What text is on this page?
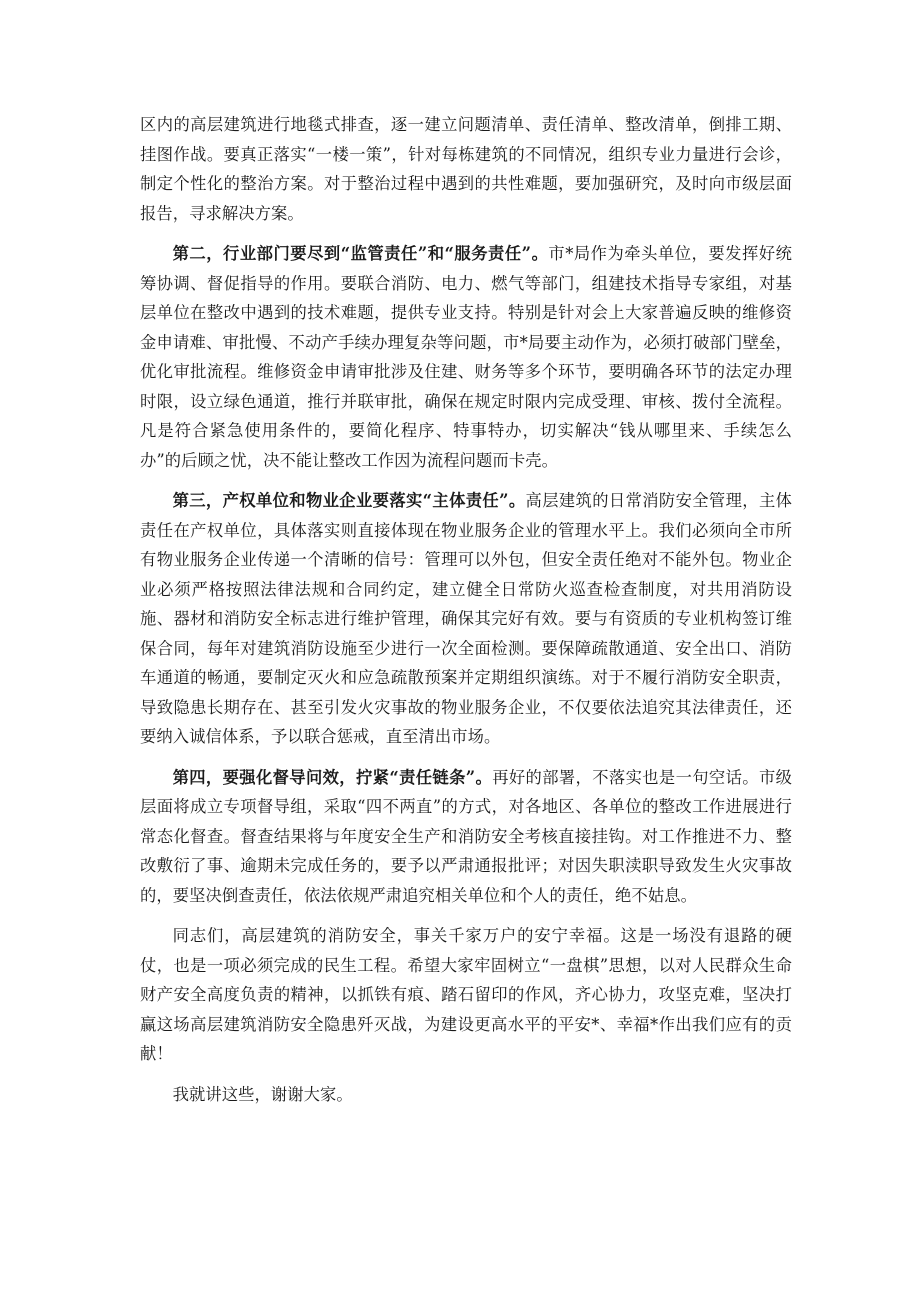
区内的高层建筑进行地毯式排查，逐一建立问题清单、责任清单、整改清单，倒排工期、挂图作战。要真正落实“一楼一策”，针对每栋建筑的不同情况，组织专业力量进行会诊，制定个性化的整治方案。对于整治过程中遇到的共性难题，要加强研究，及时向市级层面报告，寻求解决方案。

第二，行业部门要尽到“监管责任”和“服务责任”。市*局作为牵头单位，要发挥好统筹协调、督促指导的作用。要联合消防、电力、燃气等部门，组建技术指导专家组，对基层单位在整改中遇到的技术难题，提供专业支持。特别是针对会上大家普遍反映的维修资金申请难、审批慢、不动产手续办理复杂等问题，市*局要主动作为，必须打破部门壁垒，优化审批流程。维修资金申请审批涉及住建、财务等多个环节，要明确各环节的法定办理时限，设立绿色通道，推行并联审批，确保在规定时限内完成受理、审核、拨付全流程。凡是符合紧急使用条件的，要简化程序、特事特办，切实解决“钱从哪里来、手续怎么办”的后顾之忧，决不能让整改工作因为流程问题而卡壳。

第三，产权单位和物业企业要落实“主体责任”。高层建筑的日常消防安全管理，主体责任在产权单位，具体落实则直接体现在物业服务企业的管理水平上。我们必须向全市所有物业服务企业传递一个清晰的信号：管理可以外包，但安全责任绝对不能外包。物业企业必须严格按照法律法规和合同约定，建立健全日常防火巡查检查制度，对共用消防设施、器材和消防安全标志进行维护管理，确保其完好有效。要与有资质的专业机构签订维保合同，每年对建筑消防设施至少进行一次全面检测。要保障疏散通道、安全出口、消防车通道的畅通，要制定灭火和应急疏散预案并定期组织演练。对于不履行消防安全职责，导致隐患长期存在、甚至引发火灾事故的物业服务企业，不仅要依法追究其法律责任，还要纳入诚信体系，予以联合惩戒，直至清出市场。

第四，要强化督导问效，拧紧“责任链条”。再好的部署，不落实也是一句空话。市级层面将成立专项督导组，采取“四不两直”的方式，对各地区、各单位的整改工作进展进行常态化督查。督查结果将与年度安全生产和消防安全考核直接挂钩。对工作推进不力、整改敷衍了事、逾期未完成任务的，要予以严肃通报批评；对因失职渎职导致发生火灾事故的，要坚决倒查责任，依法依规严肃追究相关单位和个人的责任，绝不姑息。

同志们，高层建筑的消防安全，事关千家万户的安宁幸福。这是一场没有退路的硬仗，也是一项必须完成的民生工程。希望大家牢固树立“一盘棋”思想，以对人民群众生命财产安全高度负责的精神，以抓铁有痕、踏石留印的作风，齐心协力，攻坚克难，坚决打赢这场高层建筑消防安全隐患歼灭战，为建设更高水平的平安*、幸福*作出我们应有的贡献！

我就讲这些，谢谢大家。
